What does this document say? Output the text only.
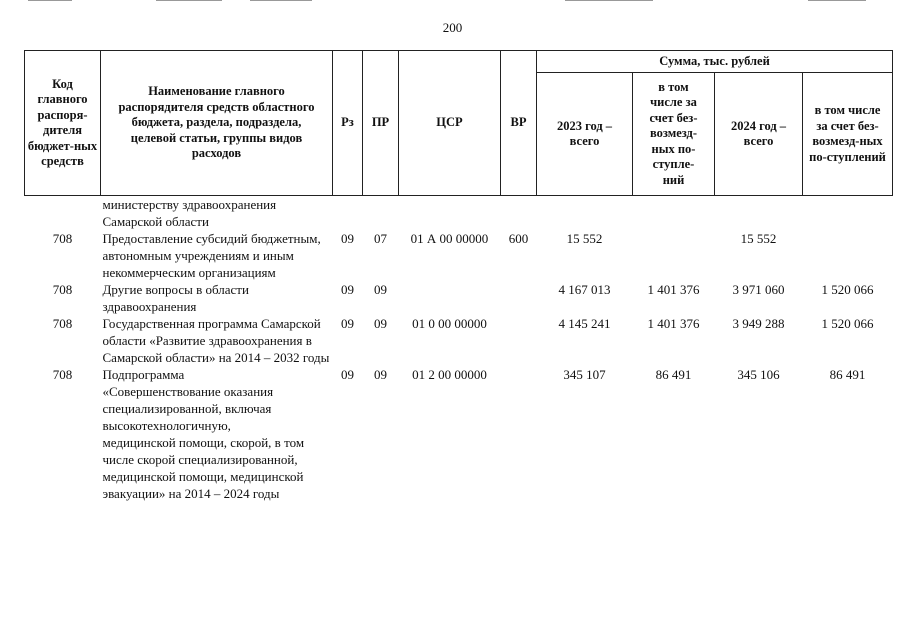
200
Код главного распоря-дителя бюджет-ных средств	Наименование главного распорядителя средств областного бюджета, раздела, подраздела, целевой статьи, группы видов расходов	Рз	ПР	ЦСР	ВР	Сумма, тыс. рублей			
						2023 год – всего	в том числе за счет без-возмезд-ных по-ступле-ний	2024 год – всего	в том числе за счет без-возмезд-ных по-ступлений
	министерству здравоохранения Самарской области								
708	Предоставление субсидий бюджетным, автономным учреждениям и иным некоммерческим организациям	09	07	01 А 00 00000	600	15 552		15 552	
708	Другие вопросы в области здравоохранения	09	09			4 167 013	1 401 376	3 971 060	1 520 066
708	Государственная программа Самарской области «Развитие здравоохранения в Самарской области» на 2014 – 2032 годы	09	09	01 0 00 00000		4 145 241	1 401 376	3 949 288	1 520 066
708	Подпрограмма «Совершенствование оказания специализированной, включая высокотехнологичную, медицинской помощи, скорой, в том числе скорой специализированной, медицинской помощи, медицинской эвакуации» на 2014 – 2024 годы	09	09	01 2 00 00000		345 107	86 491	345 106	86 491
